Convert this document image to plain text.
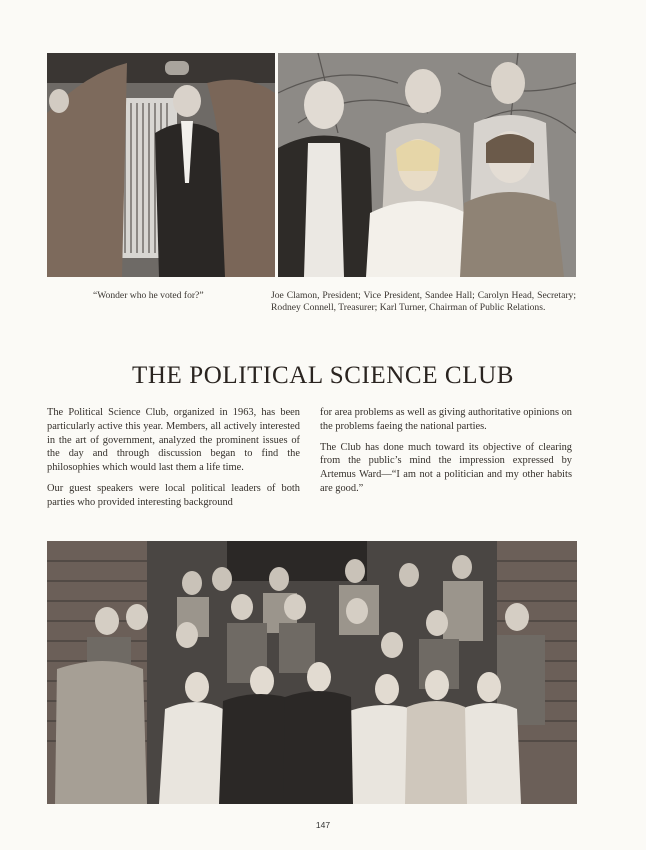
“Wonder who he voted for?”	Joe Clamon, President; Vice President, Sandee Hall; Carolyn Head, Secretary; Rodney Connell, Treasurer; Karl Turner, Chairman of Public Relations.
THE POLITICAL SCIENCE CLUB

The Political Science Club, organized in 1963, has been particularly active this year. Members, all actively interested in the art of government, analyzed the prominent issues of the day and through discussion began to find the philosophies which would last them a life time.

Our guest speakers were local political leaders of both parties who provided interesting background

for area problems as well as giving authoritative opinions on the problems faeing the national parties.

The Club has done much toward its objective of clearing from the public’s mind the impression expressed by Artemus Ward—“I am not a politician and my other habits are good.”

147
